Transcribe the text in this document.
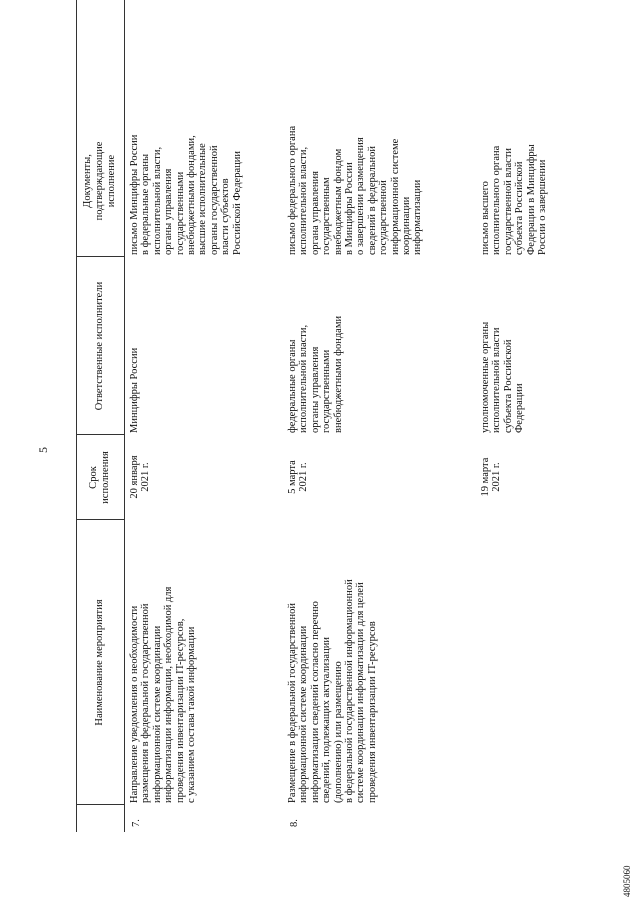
5
Наименование мероприятия
Срок исполнения
Ответственные исполнители
Документы, подтверждающие исполнение
7.
Направление уведомления о необходимости размещения в федеральной государственной информационной системе координации информатизации информации, необходимой для проведения инвентаризации IT-ресурсов, с указанием состава такой информации
20 января 2021 г.
Минцифры России
письмо Минцифры России в федеральные органы исполнительной власти, органы управления государственными внебюджетными фондами, высшие исполнительные органы государственной власти субъектов Российской Федерации
8.
Размещение в федеральной государственной информационной системе координации информатизации сведений согласно перечню сведений, подлежащих актуализации (дополнению) или размещению в федеральной государственной информационной системе координации информатизации для целей проведения инвентаризации IT-ресурсов
5 марта 2021 г.
федеральные органы исполнительной власти, органы управления государственными внебюджетными фондами
письмо федерального органа исполнительной власти, органа управления государственным внебюджетным фондом в Минцифры России о завершении размещения сведений в федеральной государственной информационной системе координации информатизации
19 марта 2021 г.
уполномоченные органы исполнительной власти субъекта Российской Федерации
письмо высшего исполнительного органа государственной власти субъекта Российской Федерации в Минцифры России о завершении
4805060
